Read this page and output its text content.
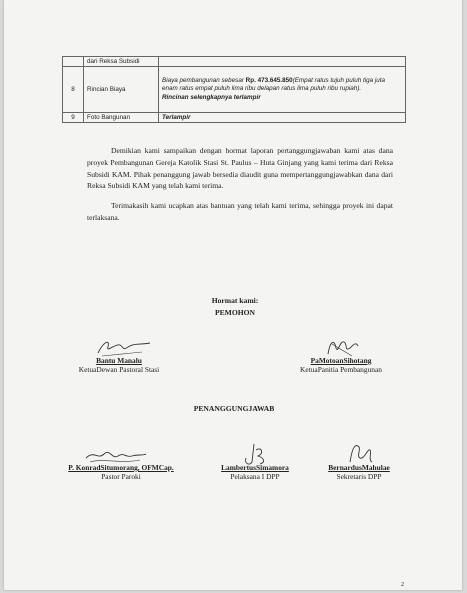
	dari Reksa Subsidi	
8	Rincian Biaya	Biaya pembangunan sebesar Rp. 473.645.850(Empat ratus tujuh puluh tiga juta enam ratus empat puluh lima ribu delapan ratus lima puluh ribu rupiah).
Rincinan selengkapnya terlampir
9	Foto Bangunan	Terlampir

Demikian kami sampaikan dengan hormat laporan pertanggungjawaban kami atas dana proyek Pembangunan Gereja Katolik Stasi St. Paulus – Huta Ginjang yang kami terima dari Reksa Subsidi KAM. Pihak penanggung jawab bersedia diaudit guna mempertanggungjawabkan dana dari Reksa Subsidi KAM yang telah kami terima.

Terimakasih kami ucapkan atas bantuan yang telah kami terima, sehingga proyek ini dapat terlaksana.

Hormat kami:
PEMOHON
Bantu Manalu
KetuaDewan Pastoral Stasi
PaMotoanSihotang
KetuaPanitia Pembangunan
PENANGGUNGJAWAB
P. KonradSitumorang, OFMCap.
Pastor Paroki
LambertusSimamora
Pelaksana I DPP
BernardusMahulae
Sekretaris DPP
2
